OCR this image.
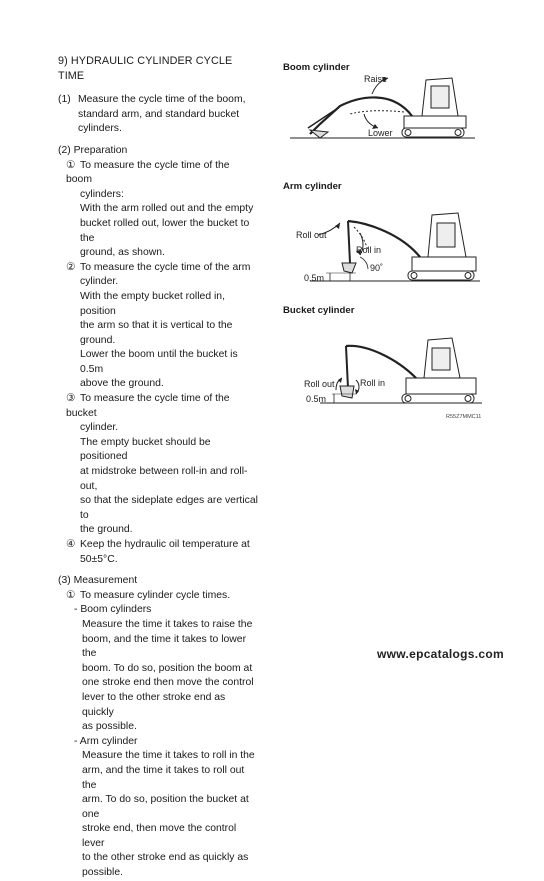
9) HYDRAULIC CYLINDER CYCLE TIME

(1) Measure the cycle time of the boom,

standard arm, and standard bucket

cylinders.

(2) Preparation

① To measure the cycle time of the boom

cylinders:

With the arm rolled out and the empty

bucket rolled out, lower the bucket to the

ground, as shown.

② To measure the cycle time of the arm

cylinder.

With the empty bucket rolled in, position

the arm so that it is vertical to the ground.

Lower the boom until the bucket is 0.5m

above the ground.

③ To measure the cycle time of the bucket

cylinder.

The empty bucket should be positioned

at midstroke between roll-in and roll-out,

so that the sideplate edges are vertical to

the ground.

④ Keep the hydraulic oil temperature at

50±5°C.

(3) Measurement

① To measure cylinder cycle times.

- Boom cylinders

Measure the time it takes to raise the

boom, and the time it takes to lower the

boom. To do so, position the boom at

one stroke end then move the control

lever to the other stroke end as quickly

as possible.

- Arm cylinder

Measure the time it takes to roll in the

arm, and the time it takes to roll out the

arm. To do so, position the bucket at one

stroke end, then move the control lever

to the other stroke end as quickly as

possible.

Boom cylinder
Raise
Lower
Arm cylinder
Roll out
Roll in
90˚
0.5m
Bucket cylinder
Roll out	Roll in
0.5m
R55Z7MMC11
www.epcatalogs.com
